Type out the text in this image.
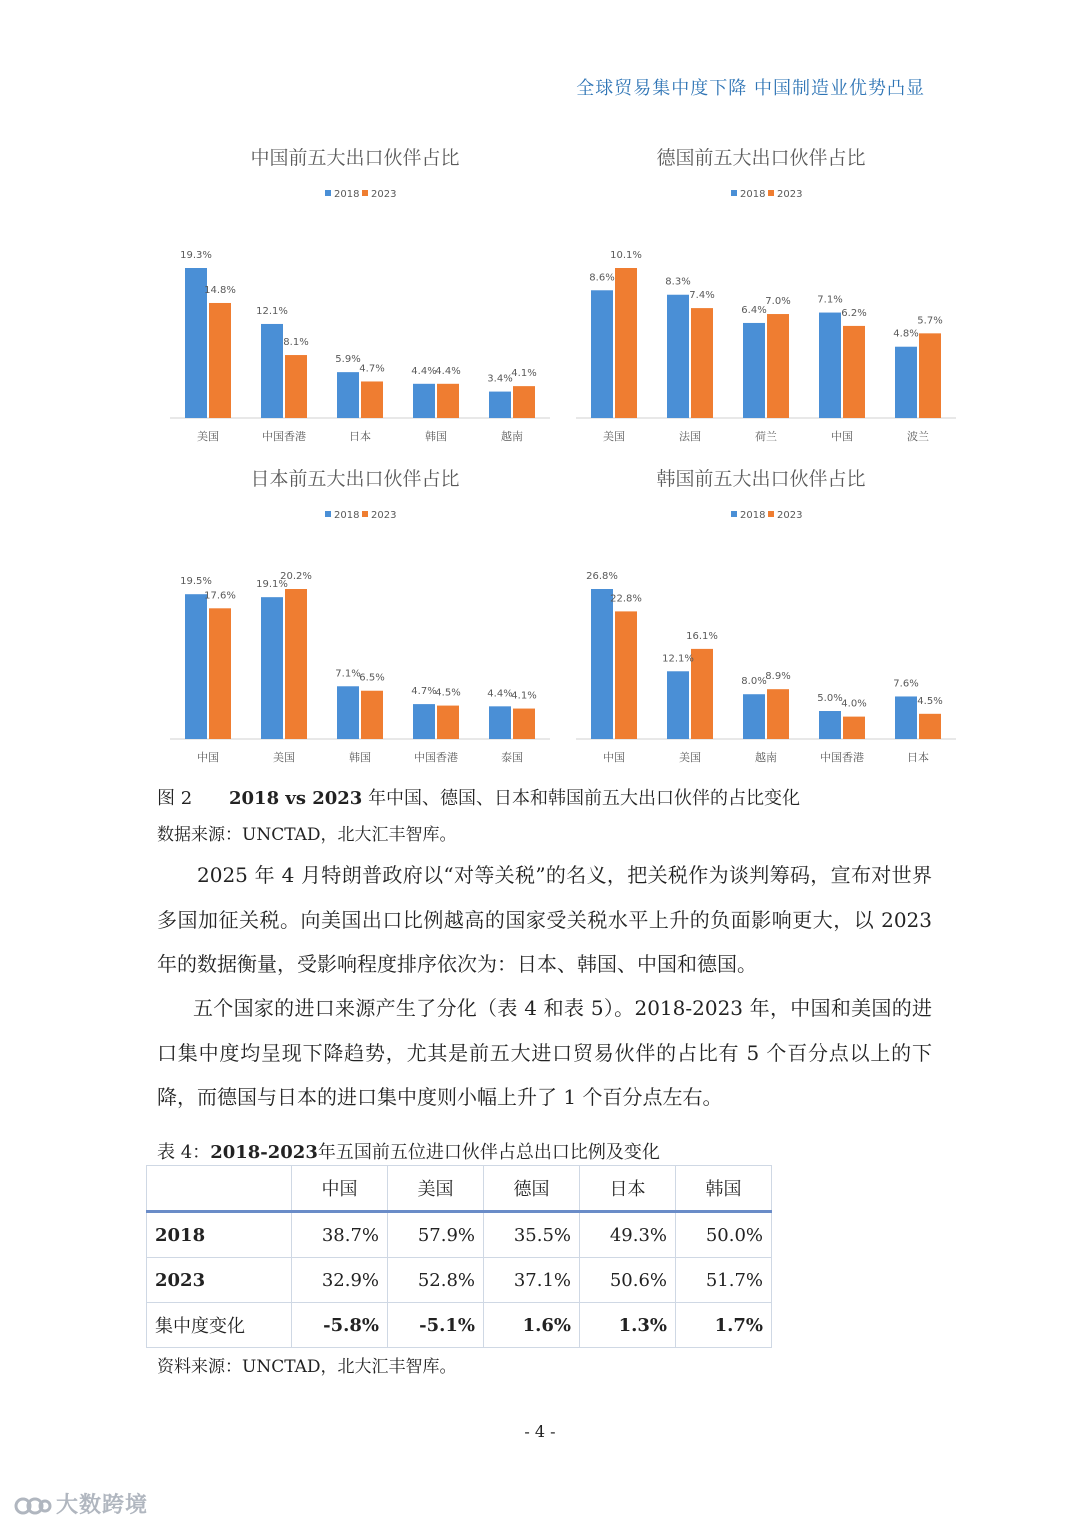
全球贸易集中度下降 中国制造业优势凸显
中国前五大出口伙伴占比
2018 2023
19.3%
14.8%
美国
12.1%
8.1%
中国香港
5.9%
4.7%
日本
4.4%
4.4%
韩国
3.4%
4.1%
越南
德国前五大出口伙伴占比
2018 2023
8.6%
10.1%
美国
8.3%
7.4%
法国
6.4%
7.0%
荷兰
7.1%
6.2%
中国
4.8%
5.7%
波兰
日本前五大出口伙伴占比
2018 2023
19.5%
17.6%
中国
19.1%
20.2%
美国
7.1%
6.5%
韩国
4.7%
4.5%
中国香港
4.4%
4.1%
泰国
韩国前五大出口伙伴占比
2018 2023
26.8%
22.8%
中国
12.1%
16.1%
美国
8.0%
8.9%
越南
5.0%
4.0%
中国香港
7.6%
4.5%
日本
图 2 2018 vs 2023 年中国、德国、日本和韩国前五大出口伙伴的占比变化
数据来源：UNCTAD，北大汇丰智库。
2025 年 4 月特朗普政府以“对等关税”的名义，把关税作为谈判筹码，宣布对世界多国加征关税。向美国出口比例越高的国家受关税水平上升的负面影响更大，以 2023 年的数据衡量，受影响程度排序依次为：日本、韩国、中国和德国。
五个国家的进口来源产生了分化（表 4 和表 5）。2018-2023 年，中国和美国的进口集中度均呈现下降趋势，尤其是前五大进口贸易伙伴的占比有 5 个百分点以上的下降，而德国与日本的进口集中度则小幅上升了 1 个百分点左右。
表 4：2018-2023年五国前五位进口伙伴占总出口比例及变化
	中国	美国	德国	日本	韩国
2018	38.7%	57.9%	35.5%	49.3%	50.0%
2023	32.9%	52.8%	37.1%	50.6%	51.7%
集中度变化	-5.8%	-5.1%	1.6%	1.3%	1.7%
资料来源：UNCTAD，北大汇丰智库。
- 4 -
大数跨境
